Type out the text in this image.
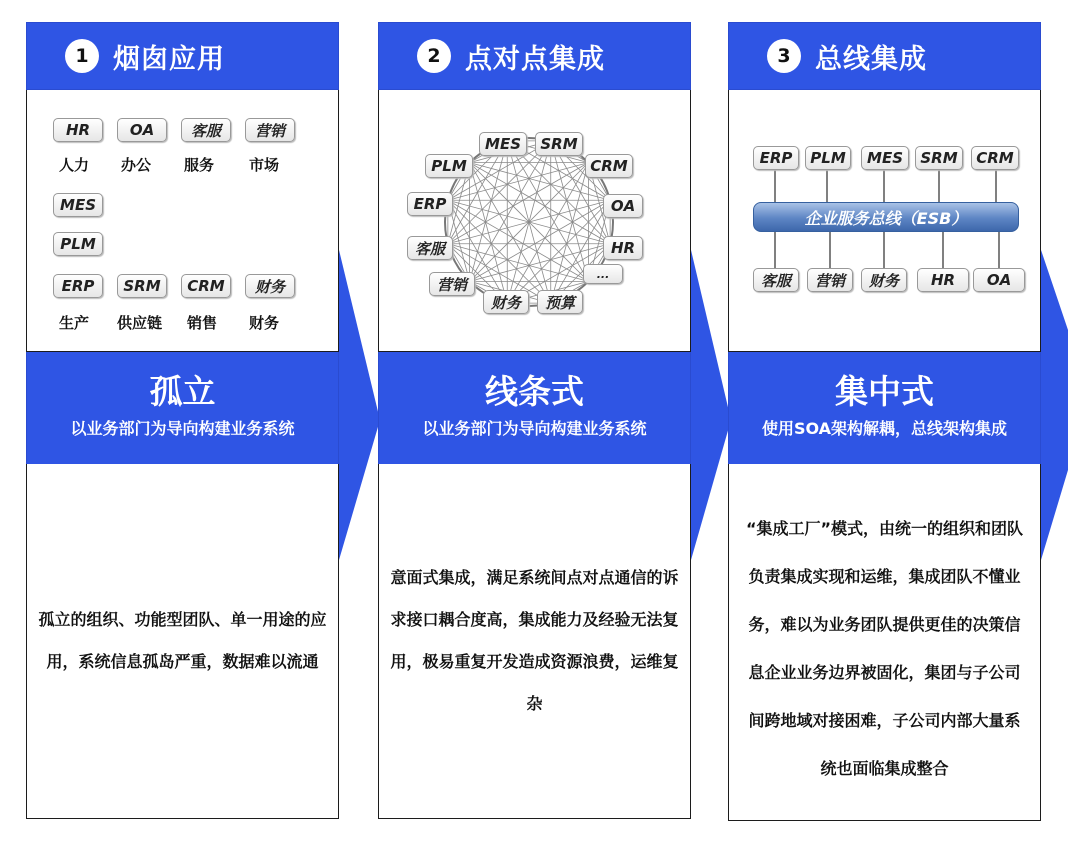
1 烟囱应用
HR	OA	客服	营销
人力 办公 服务 市场
MES
PLM
ERP	SRM	CRM	财务
生产 供应链 销售 财务
孤立
以业务部门为导向构建业务系统

孤立的组织、功能型团队、单一用途的应用，系统信息孤岛严重，数据难以流通

2 点对点集成
MES	SRM
CRM
OA
HR
...
预算
财务
营销
客服
ERP
PLM
线条式
以业务部门为导向构建业务系统

意面式集成，满足系统间点对点通信的诉求接口耦合度高，集成能力及经验无法复用，极易重复开发造成资源浪费，运维复杂

3 总线集成
ERP	PLM	MES	SRM	CRM
企业服务总线（ESB）
客服	营销	财务	HR	OA
集中式
使用SOA架构解耦，总线架构集成

“集成工厂”模式，由统一的组织和团队负责集成实现和运维，集成团队不懂业务，难以为业务团队提供更佳的决策信息企业业务边界被固化，集团与子公司间跨地域对接困难，子公司内部大量系统也面临集成整合
